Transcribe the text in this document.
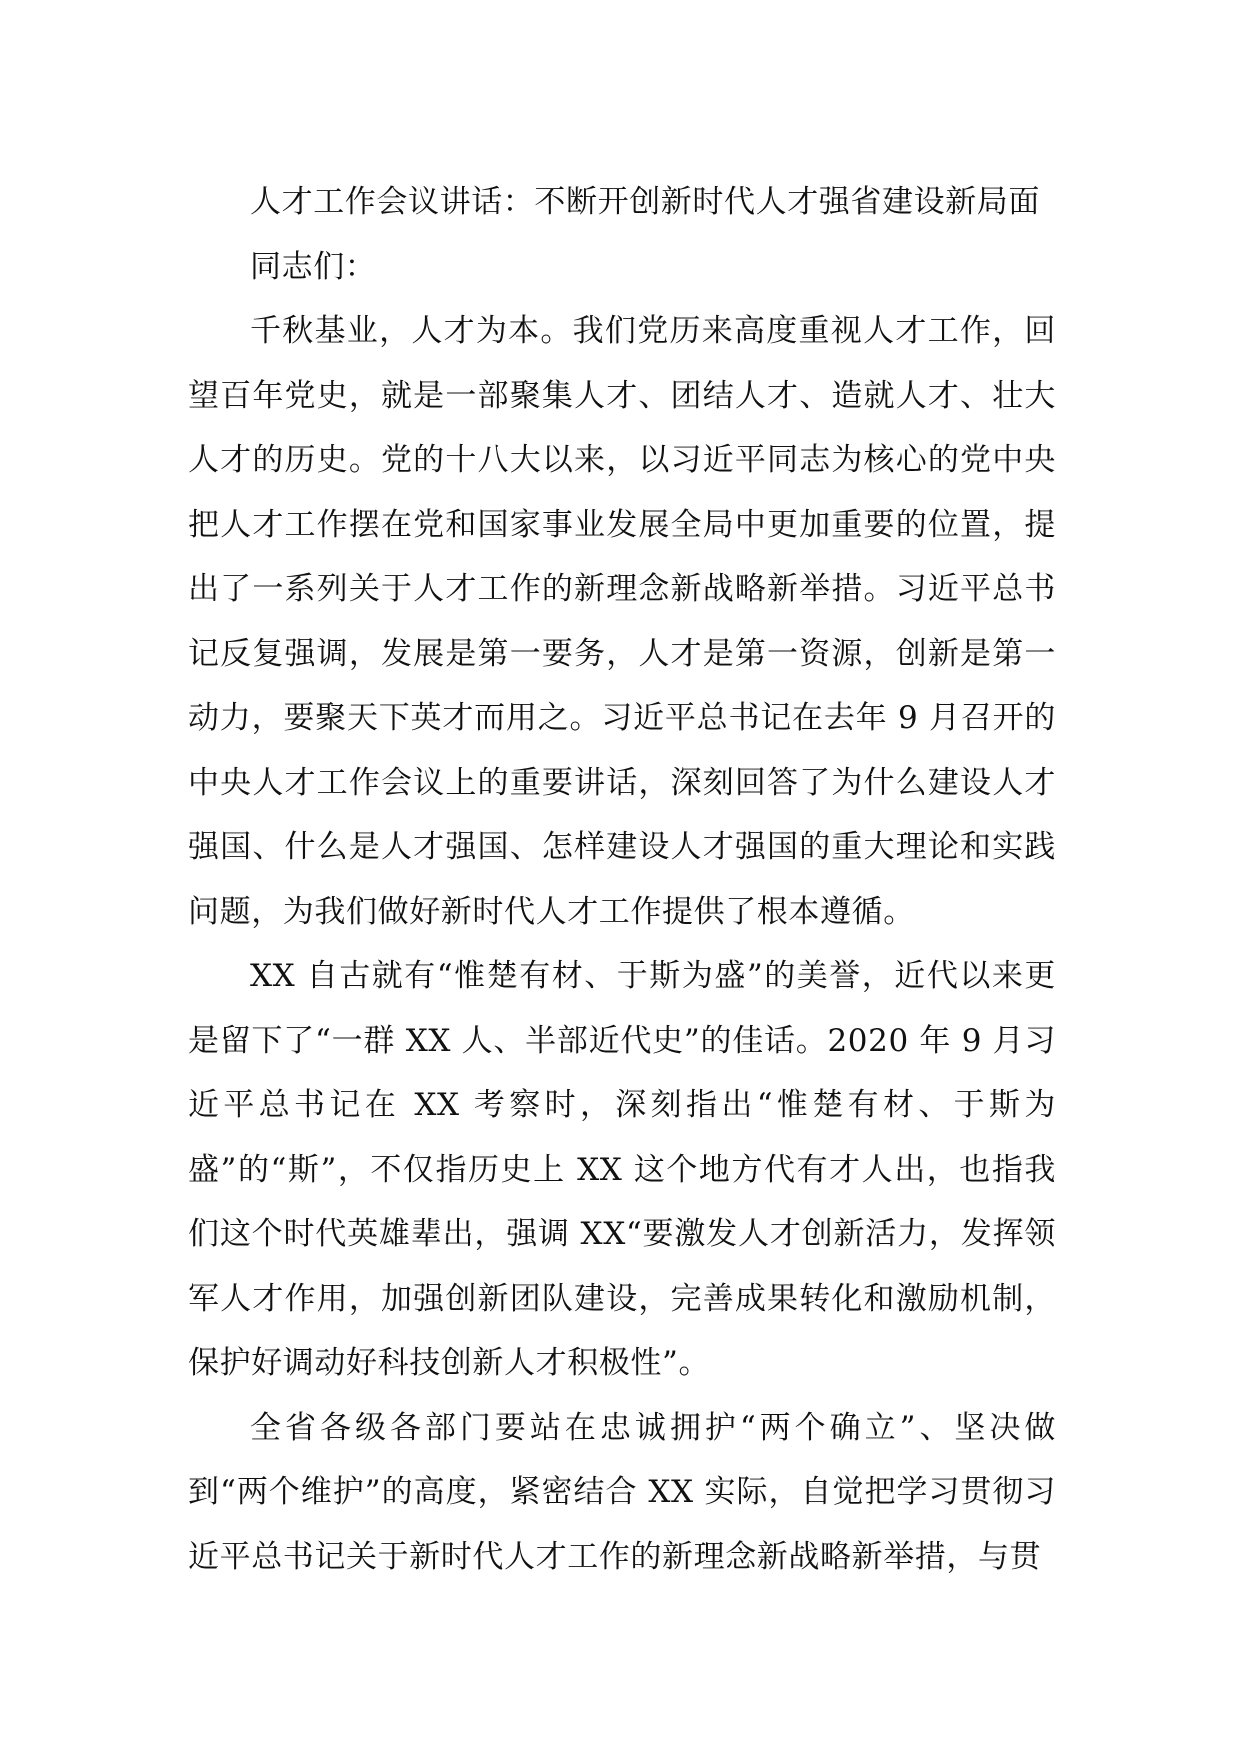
人才工作会议讲话：不断开创新时代人才强省建设新局面

同志们：

千秋基业，人才为本。我们党历来高度重视人才工作，回望百年党史，就是一部聚集人才、团结人才、造就人才、壮大人才的历史。党的十八大以来，以习近平同志为核心的党中央把人才工作摆在党和国家事业发展全局中更加重要的位置，提出了一系列关于人才工作的新理念新战略新举措。习近平总书记反复强调，发展是第一要务，人才是第一资源，创新是第一动力，要聚天下英才而用之。习近平总书记在去年 9 月召开的中央人才工作会议上的重要讲话，深刻回答了为什么建设人才强国、什么是人才强国、怎样建设人才强国的重大理论和实践问题，为我们做好新时代人才工作提供了根本遵循。

XX 自古就有“惟楚有材、于斯为盛”的美誉，近代以来更是留下了“一群 XX 人、半部近代史”的佳话。2020 年 9 月习近平总书记在 XX 考察时，深刻指出“惟楚有材、于斯为盛”的“斯”，不仅指历史上 XX 这个地方代有才人出，也指我们这个时代英雄辈出，强调 XX“要激发人才创新活力，发挥领军人才作用，加强创新团队建设，完善成果转化和激励机制，保护好调动好科技创新人才积极性”。

全省各级各部门要站在忠诚拥护“两个确立”、坚决做到“两个维护”的高度，紧密结合 XX 实际，自觉把学习贯彻习近平总书记关于新时代人才工作的新理念新战略新举措，与贯
